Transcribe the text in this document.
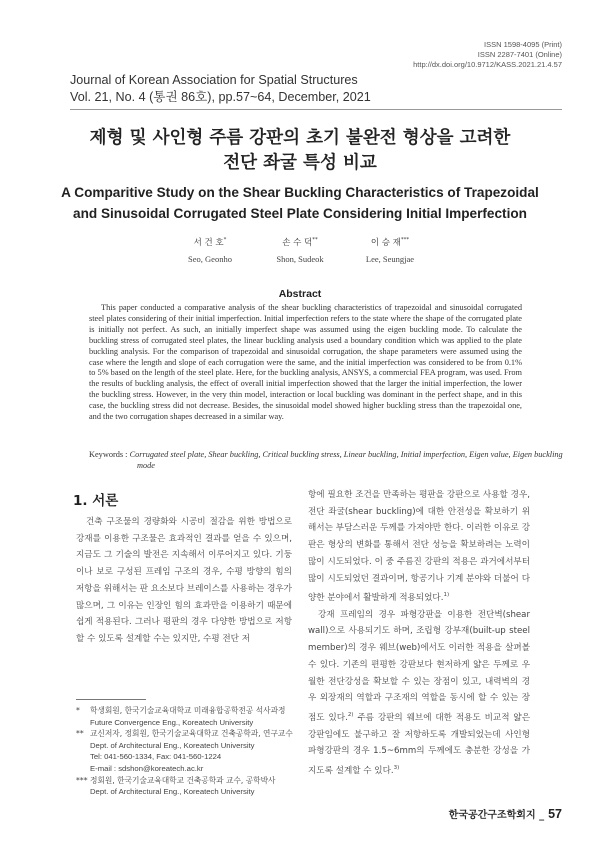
ISSN 1598-4095 (Print)
ISSN 2287-7401 (Online)
http://dx.doi.org/10.9712/KASS.2021.21.4.57
Journal of Korean Association for Spatial Structures
Vol. 21, No. 4 (통권 86호), pp.57~64, December, 2021
제형 및 사인형 주름 강판의 초기 불완전 형상을 고려한
전단 좌굴 특성 비교
A Comparitive Study on the Shear Buckling Characteristics of Trapezoidal
and Sinusoidal Corrugated Steel Plate Considering Initial Imperfection
서 건 호*
Seo, Geonho
손 수 덕**
Shon, Sudeok
이 승 재***
Lee, Seungjae
Abstract

This paper conducted a comparative analysis of the shear buckling characteristics of trapezoidal and sinusoidal corrugated steel plates considering of their initial imperfection. Initial imperfection refers to the state where the shape of the corrugated plate is initially not perfect. As such, an initially imperfect shape was assumed using the eigen buckling mode. To calculate the buckling stress of corrugated steel plates, the linear buckling analysis used a boundary condition which was applied to the plate buckling analysis. For the comparison of trapezoidal and sinusoidal corrugation, the shape parameters were assumed using the case where the length and slope of each corrugation were the same, and the initial imperfection was considered to be from 0.1% to 5% based on the length of the steel plate. Here, for the buckling analysis, ANSYS, a commercial FEA program, was used. From the results of buckling analysis, the effect of overall initial imperfection showed that the larger the initial imperfection, the lower the buckling stress. However, in the very thin model, interaction or local buckling was dominant in the perfect shape, and in this case, the buckling stress did not decrease. Besides, the sinusoidal model showed higher buckling stress than the trapezoidal one, and the two corrugation shapes decreased in a similar way.

Keywords : Corrugated steel plate, Shear buckling, Critical buckling stress, Linear buckling, Initial imperfection, Eigen value, Eigen buckling mode

1. 서론

건축 구조물의 경량화와 시공비 절감을 위한 방법으로 강재를 이용한 구조물은 효과적인 결과를 얻을 수 있으며, 지금도 그 기술의 발전은 지속해서 이루어지고 있다. 기둥이나 보로 구성된 프레임 구조의 경우, 수평 방향의 힘의 저항을 위해서는 판 요소보다 브레이스를 사용하는 경우가 많으며, 그 이유는 인장인 힘의 효과만을 이용하기 때문에 쉽게 적용된다. 그러나 평판의 경우 다양한 방법으로 저항할 수 있도록 설계할 수는 있지만, 수평 전단 저

항에 필요한 조건을 만족하는 평판을 강판으로 사용할 경우, 전단 좌굴(shear buckling)에 대한 안전성을 확보하기 위해서는 부담스러운 두께를 가져야만 한다. 이러한 이유로 강판은 형상의 변화를 통해서 전단 성능을 확보하려는 노력이 많이 시도되었다. 이 중 주름진 강판의 적용은 과거에서부터 많이 시도되었던 결과이며, 항공기나 기계 분야와 더불어 다양한 분야에서 활발하게 적용되었다.$^{1)}$

강재 프레임의 경우 파형강판을 이용한 전단벽(shear wall)으로 사용되기도 하며, 조립형 강부재(built-up steel member)의 경우 웨브(web)에서도 이러한 적용을 살펴볼 수 있다. 기존의 편평한 강판보다 현저하게 얇은 두께로 우월한 전단강성을 확보할 수 있는 장점이 있고, 내력벽의 경우 외장재의 역할과 구조재의 역할을 동시에 할 수 있는 장점도 있다.$^{2)}$ 주름 강판의 웨브에 대한 적용도 비교적 얇은 강판임에도 불구하고 잘 저항하도록 개발되었는데 사인형 파형강판의 경우 1.5~6mm의 두께에도 충분한 강성을 가지도록 설계할 수 있다.$^{3)}$

* 학생회원, 한국기술교육대학교 미래융합공학전공 석사과정
Future Convergence Eng., Koreatech University
** 교신저자, 정회원, 한국기술교육대학교 건축공학과, 연구교수
Dept. of Architectural Eng., Koreatech University
Tel: 041-560-1334, Fax: 041-560-1224
E-mail : sdshon@koreatech.ac.kr
*** 정회원, 한국기술교육대학교 건축공학과 교수, 공학박사
Dept. of Architectural Eng., Koreatech University
한국공간구조학회지 _ 57
